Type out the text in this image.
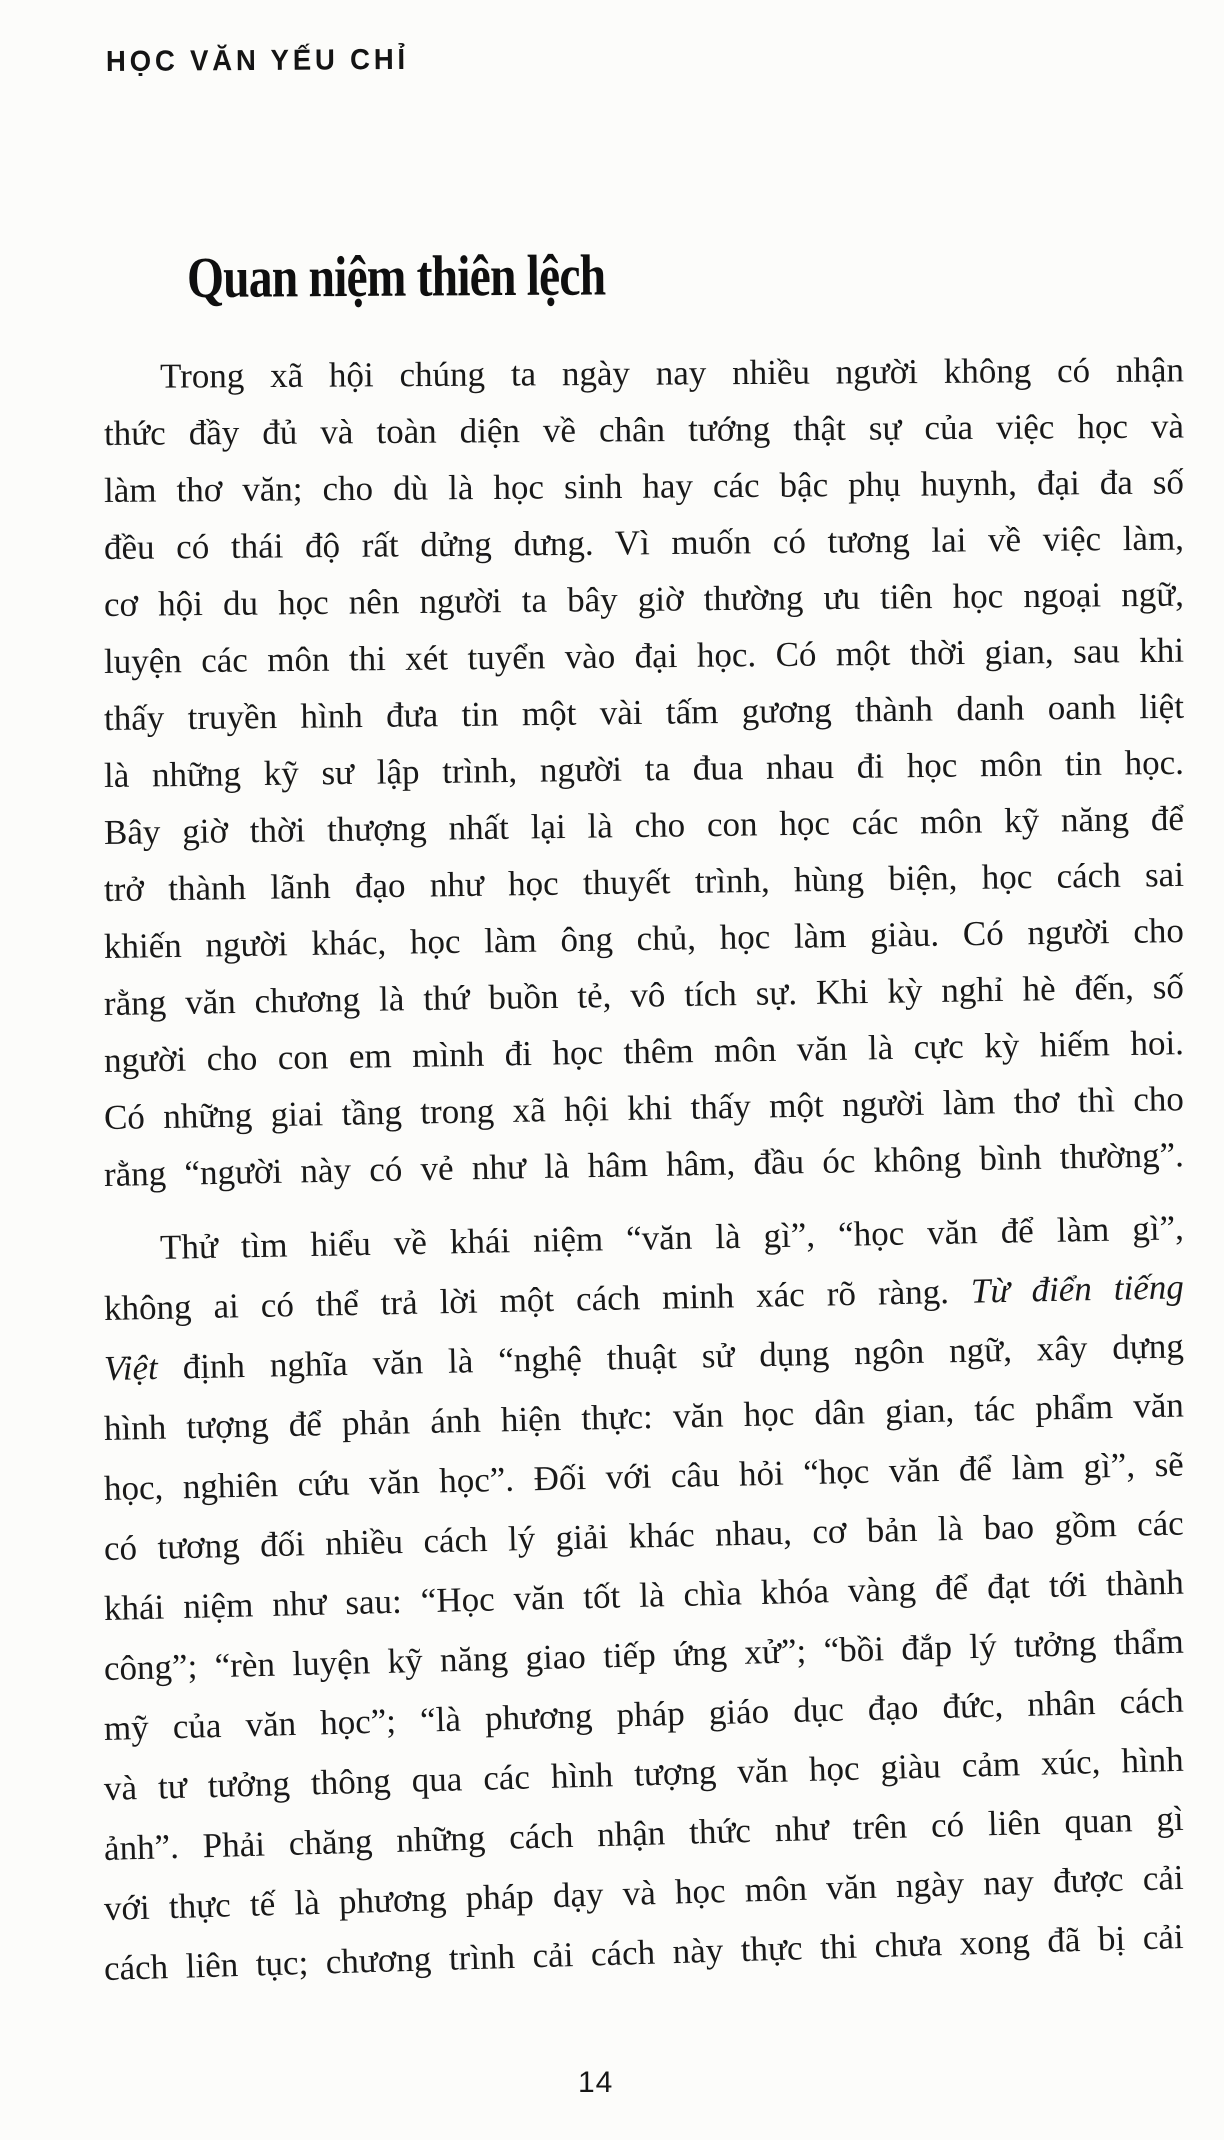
HỌC VĂN YẾU CHỈ
Quan niệm thiên lệch
Trong xã hội chúng ta ngày nay nhiều người không có nhận
thức đầy đủ và toàn diện về chân tướng thật sự của việc học và
làm thơ văn; cho dù là học sinh hay các bậc phụ huynh, đại đa số
đều có thái độ rất dửng dưng. Vì muốn có tương lai về việc làm,
cơ hội du học nên người ta bây giờ thường ưu tiên học ngoại ngữ,
luyện các môn thi xét tuyển vào đại học. Có một thời gian, sau khi
thấy truyền hình đưa tin một vài tấm gương thành danh oanh liệt
là những kỹ sư lập trình, người ta đua nhau đi học môn tin học.
Bây giờ thời thượng nhất lại là cho con học các môn kỹ năng để
trở thành lãnh đạo như học thuyết trình, hùng biện, học cách sai
khiến người khác, học làm ông chủ, học làm giàu. Có người cho
rằng văn chương là thứ buồn tẻ, vô tích sự. Khi kỳ nghỉ hè đến, số
người cho con em mình đi học thêm môn văn là cực kỳ hiếm hoi.
Có những giai tầng trong xã hội khi thấy một người làm thơ thì cho
rằng “người này có vẻ như là hâm hâm, đầu óc không bình thường”.
Thử tìm hiểu về khái niệm “văn là gì”, “học văn để làm gì”,
không ai có thể trả lời một cách minh xác rõ ràng. Từ điển tiếng
Việt định nghĩa văn là “nghệ thuật sử dụng ngôn ngữ, xây dựng
hình tượng để phản ánh hiện thực: văn học dân gian, tác phẩm văn
học, nghiên cứu văn học”. Đối với câu hỏi “học văn để làm gì”, sẽ
có tương đối nhiều cách lý giải khác nhau, cơ bản là bao gồm các
khái niệm như sau: “Học văn tốt là chìa khóa vàng để đạt tới thành
công”; “rèn luyện kỹ năng giao tiếp ứng xử”; “bồi đắp lý tưởng thẩm
mỹ của văn học”; “là phương pháp giáo dục đạo đức, nhân cách
và tư tưởng thông qua các hình tượng văn học giàu cảm xúc, hình
ảnh”. Phải chăng những cách nhận thức như trên có liên quan gì
với thực tế là phương pháp dạy và học môn văn ngày nay được cải
cách liên tục; chương trình cải cách này thực thi chưa xong đã bị cải
14
